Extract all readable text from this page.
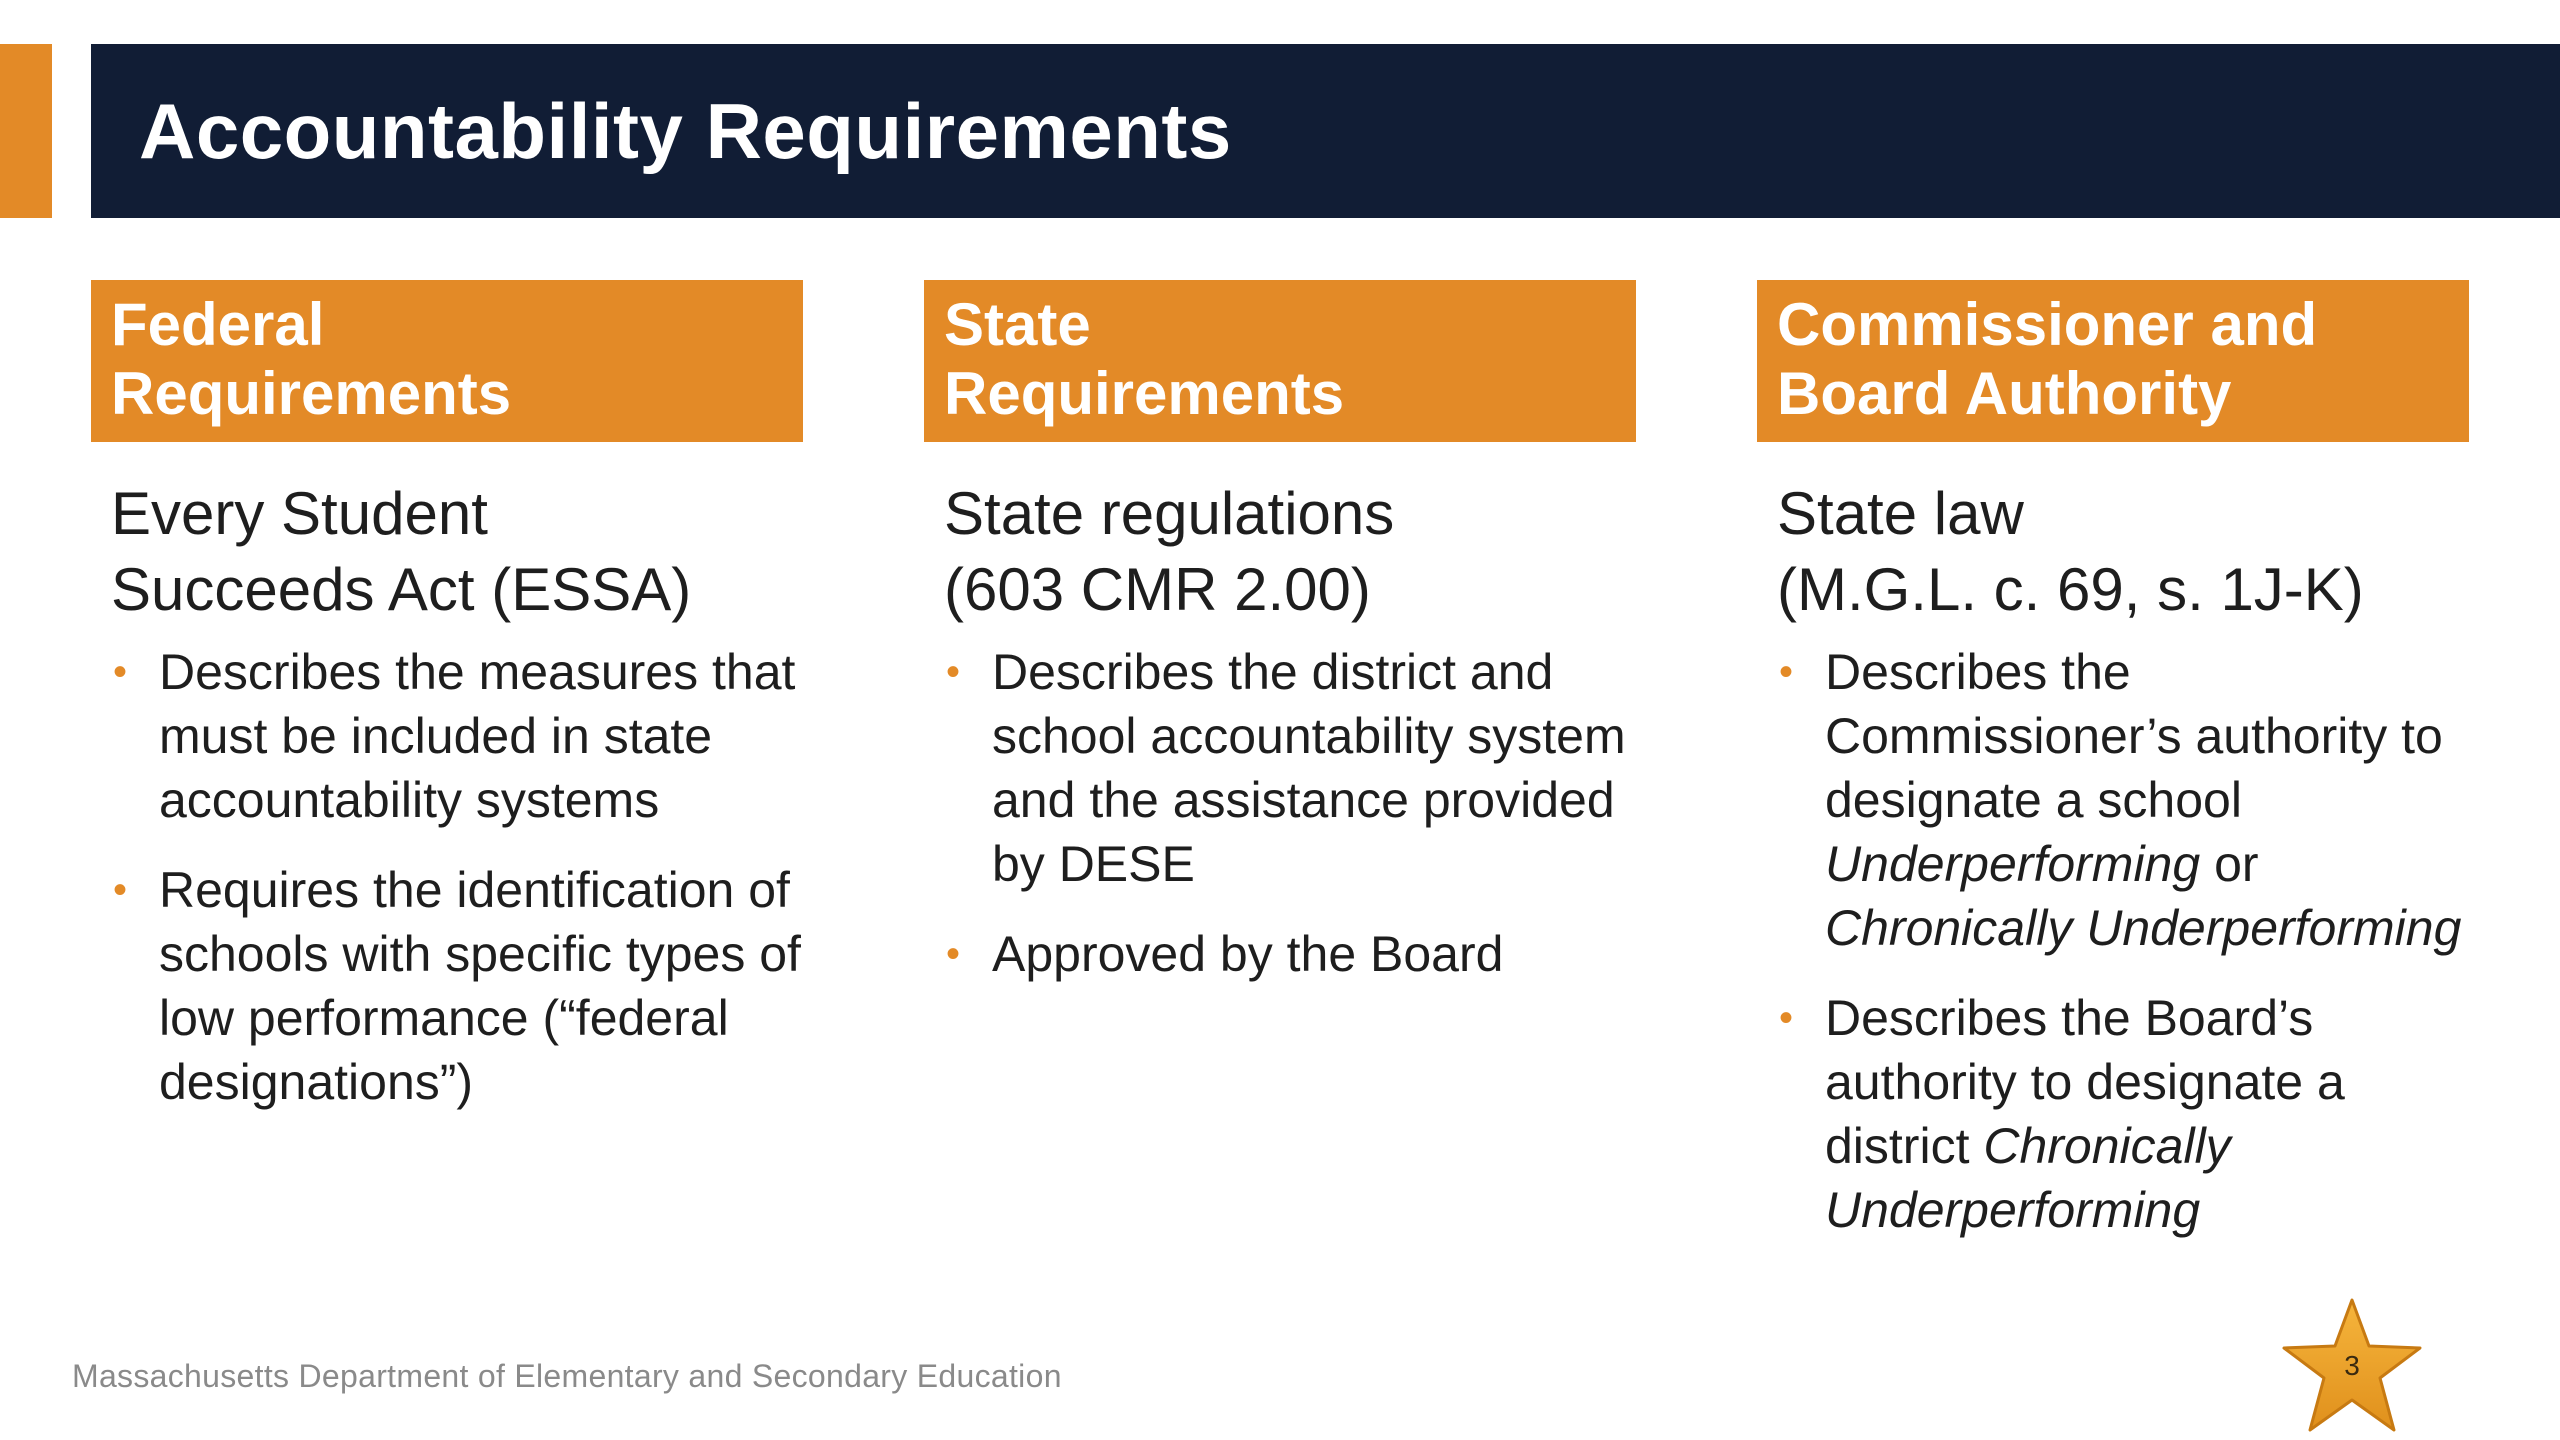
Accountability Requirements
Federal
Requirements
Every Student
Succeeds Act (ESSA)
• Describes the measures that must be included in state accountability systems
• Requires the identification of schools with specific types of low performance (“federal designations”)
State
Requirements
State regulations
(603 CMR 2.00)
• Describes the district and school accountability system and the assistance provided by DESE
• Approved by the Board
Commissioner and
Board Authority
State law
(M.G.L. c. 69, s. 1J-K)
• Describes the Commissioner’s authority to designate a school Underperforming or Chronically Underperforming
• Describes the Board’s authority to designate a district Chronically Underperforming
Massachusetts Department of Elementary and Secondary Education	3
